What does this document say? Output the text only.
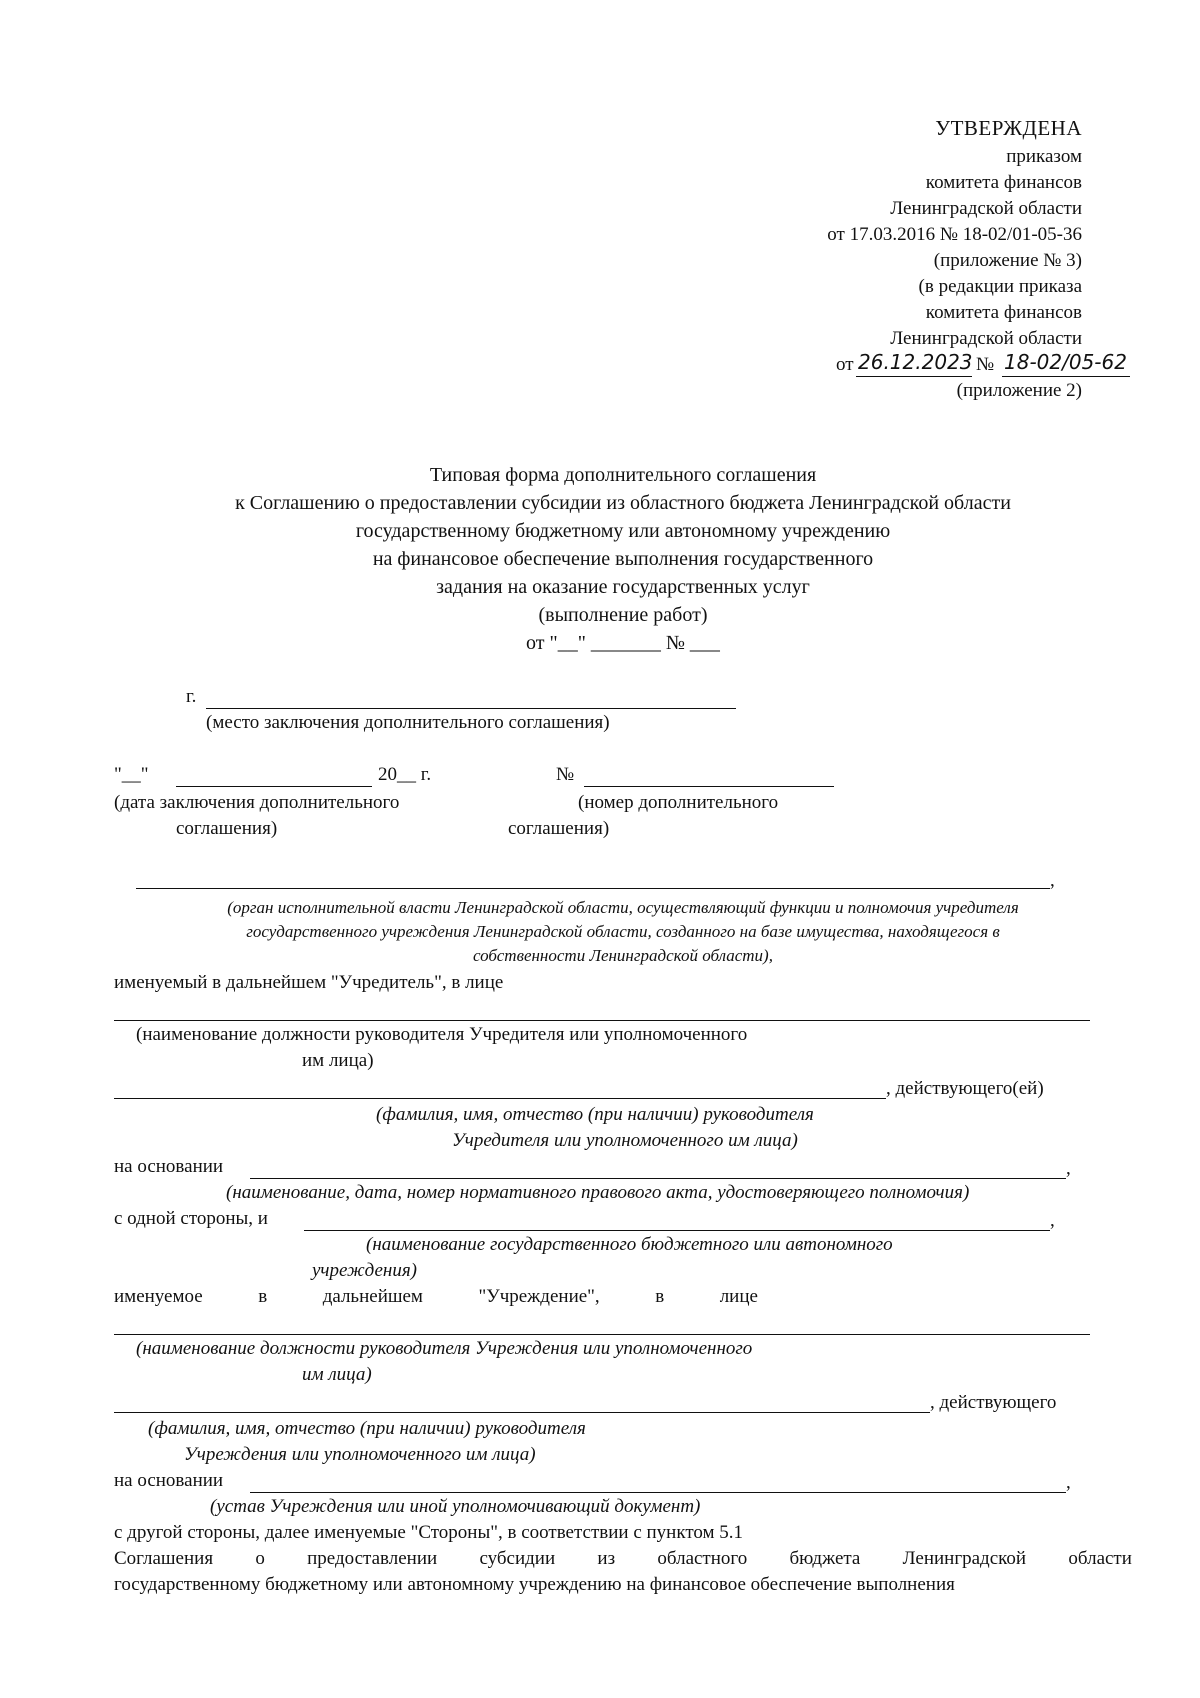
УТВЕРЖДЕНА
приказом
комитета финансов
Ленинградской области
от 17.03.2016 № 18-02/01-05-36
(приложение № 3)
(в редакции приказа
комитета финансов
Ленинградской области
от 26.12.2023 № 18-02/05-62
(приложение 2)
Типовая форма дополнительного соглашения
к Соглашению о предоставлении субсидии из областного бюджета Ленинградской области
государственному бюджетному или автономному учреждению
на финансовое обеспечение выполнения государственного
задания на оказание государственных услуг
(выполнение работ)
от "__" _______ № ___
г.
(место заключения дополнительного соглашения)
"__"	20__ г.	№
(дата заключения дополнительного
соглашения)
(номер дополнительного
соглашения)
,
(орган исполнительной власти Ленинградской области, осуществляющий функции и полномочия учредителя
государственного учреждения Ленинградской области, созданного на базе имущества, находящегося в
собственности Ленинградской области),
именуемый в дальнейшем "Учредитель", в лице
(наименование должности руководителя Учредителя или уполномоченного
им лица)
, действующего(ей)
(фамилия, имя, отчество (при наличии) руководителя
Учредителя или уполномоченного им лица)
на основании	,
(наименование, дата, номер нормативного правового акта, удостоверяющего полномочия)
с одной стороны, и	,
(наименование государственного бюджетного или автономного
учреждения)
именуемое	в	дальнейшем	"Учреждение",	в	лице
(наименование должности руководителя Учреждения или уполномоченного
им лица)
, действующего
(фамилия, имя, отчество (при наличии) руководителя
Учреждения или уполномоченного им лица)
на основании	,
(устав Учреждения или иной уполномочивающий документ)
с другой стороны, далее именуемые "Стороны", в соответствии с пунктом 5.1
Соглашения о предоставлении субсидии из областного бюджета Ленинградской области
государственному бюджетному или автономному учреждению на финансовое обеспечение выполнения
